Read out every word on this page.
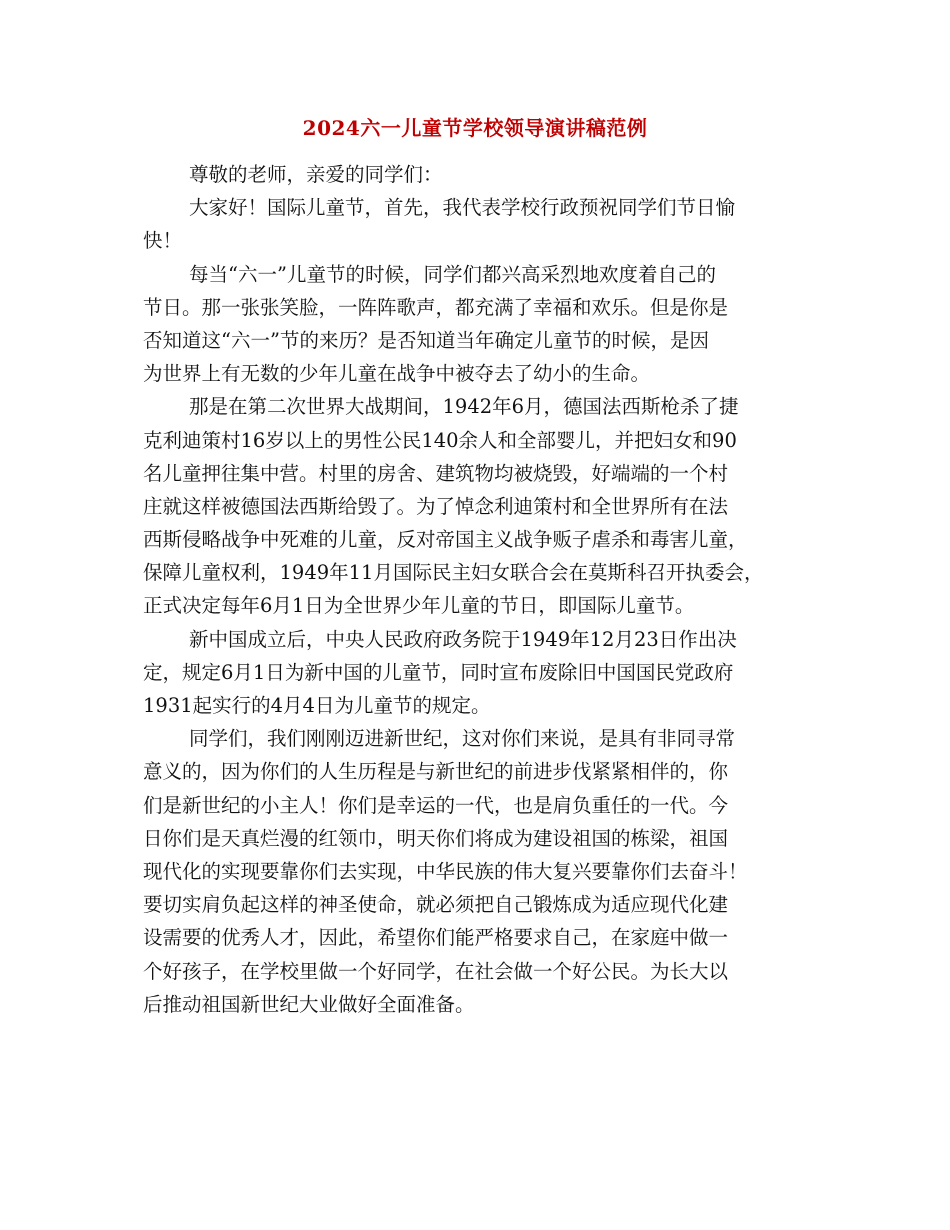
2024六一儿童节学校领导演讲稿范例
尊敬的老师，亲爱的同学们：
大家好！国际儿童节，首先，我代表学校行政预祝同学们节日愉
快！
每当“六一”儿童节的时候，同学们都兴高采烈地欢度着自己的
节日。那一张张笑脸，一阵阵歌声，都充满了幸福和欢乐。但是你是
否知道这“六一”节的来历？是否知道当年确定儿童节的时候，是因
为世界上有无数的少年儿童在战争中被夺去了幼小的生命。
那是在第二次世界大战期间，1942年6月，德国法西斯枪杀了捷
克利迪策村16岁以上的男性公民140余人和全部婴儿，并把妇女和90
名儿童押往集中营。村里的房舍、建筑物均被烧毁，好端端的一个村
庄就这样被德国法西斯给毁了。为了悼念利迪策村和全世界所有在法
西斯侵略战争中死难的儿童，反对帝国主义战争贩子虐杀和毒害儿童，
保障儿童权利，1949年11月国际民主妇女联合会在莫斯科召开执委会，
正式决定每年6月1日为全世界少年儿童的节日，即国际儿童节。
新中国成立后，中央人民政府政务院于1949年12月23日作出决
定，规定6月1日为新中国的儿童节，同时宣布废除旧中国国民党政府
1931起实行的4月4日为儿童节的规定。
同学们，我们刚刚迈进新世纪，这对你们来说，是具有非同寻常
意义的，因为你们的人生历程是与新世纪的前进步伐紧紧相伴的，你
们是新世纪的小主人！你们是幸运的一代，也是肩负重任的一代。今
日你们是天真烂漫的红领巾，明天你们将成为建设祖国的栋梁，祖国
现代化的实现要靠你们去实现，中华民族的伟大复兴要靠你们去奋斗！
要切实肩负起这样的神圣使命，就必须把自己锻炼成为适应现代化建
设需要的优秀人才，因此，希望你们能严格要求自己，在家庭中做一
个好孩子，在学校里做一个好同学，在社会做一个好公民。为长大以
后推动祖国新世纪大业做好全面准备。
